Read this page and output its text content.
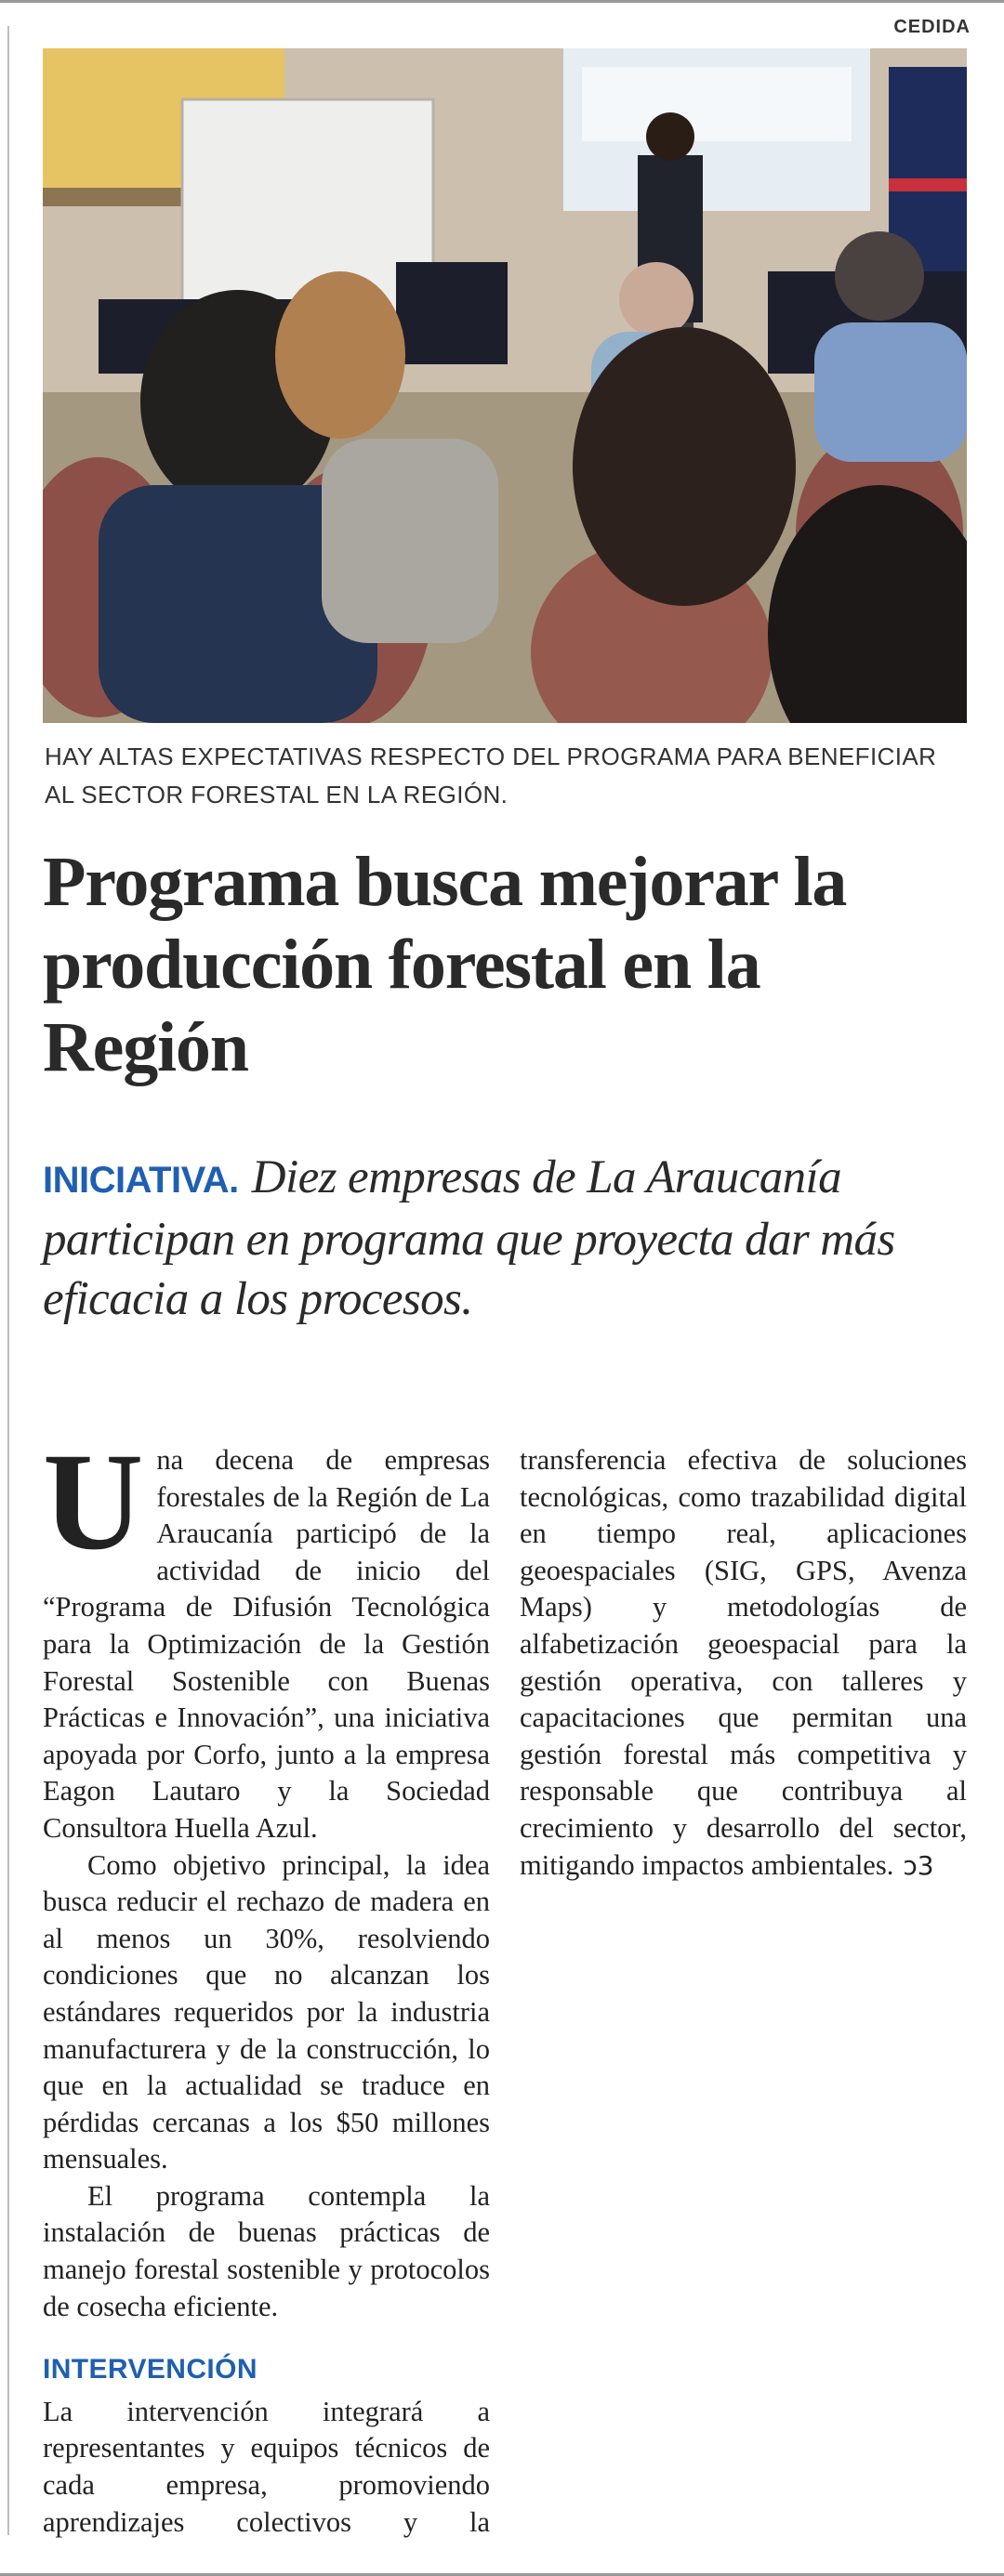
CEDIDA
HAY ALTAS EXPECTATIVAS RESPECTO DEL PROGRAMA PARA BENEFICIAR AL SECTOR FORESTAL EN LA REGIÓN.
Programa busca mejorar la producción forestal en la Región

INICIATIVA. Diez empresas de La Araucanía participan en programa que proyecta dar más eficacia a los procesos.

Una decena de empresas forestales de la Región de La Araucanía participó de la actividad de inicio del “Programa de Difusión Tecnológica para la Optimización de la Gestión Forestal Sostenible con Buenas Prácticas e Innovación”, una iniciativa apoyada por Corfo, junto a la empresa Eagon Lautaro y la Sociedad Consultora Huella Azul.

Como objetivo principal, la idea busca reducir el rechazo de madera en al menos un 30%, resolviendo condiciones que no alcanzan los estándares requeridos por la industria manufacturera y de la construcción, lo que en la actualidad se traduce en pérdidas cercanas a los $50 millones mensuales.

El programa contempla la instalación de buenas prácticas de manejo forestal sostenible y protocolos de cosecha eficiente.

INTERVENCIÓN

La intervención integrará a representantes y equipos técnicos de cada empresa, promoviendo aprendizajes colectivos y la transferencia efectiva de soluciones tecnológicas, como trazabilidad digital en tiempo real, aplicaciones geoespaciales (SIG, GPS, Avenza Maps) y metodologías de alfabetización geoespacial para la gestión operativa, con talleres y capacitaciones que permitan una gestión forestal más competitiva y responsable que contribuya al crecimiento y desarrollo del sector, mitigando impactos ambientales. ↄ3
